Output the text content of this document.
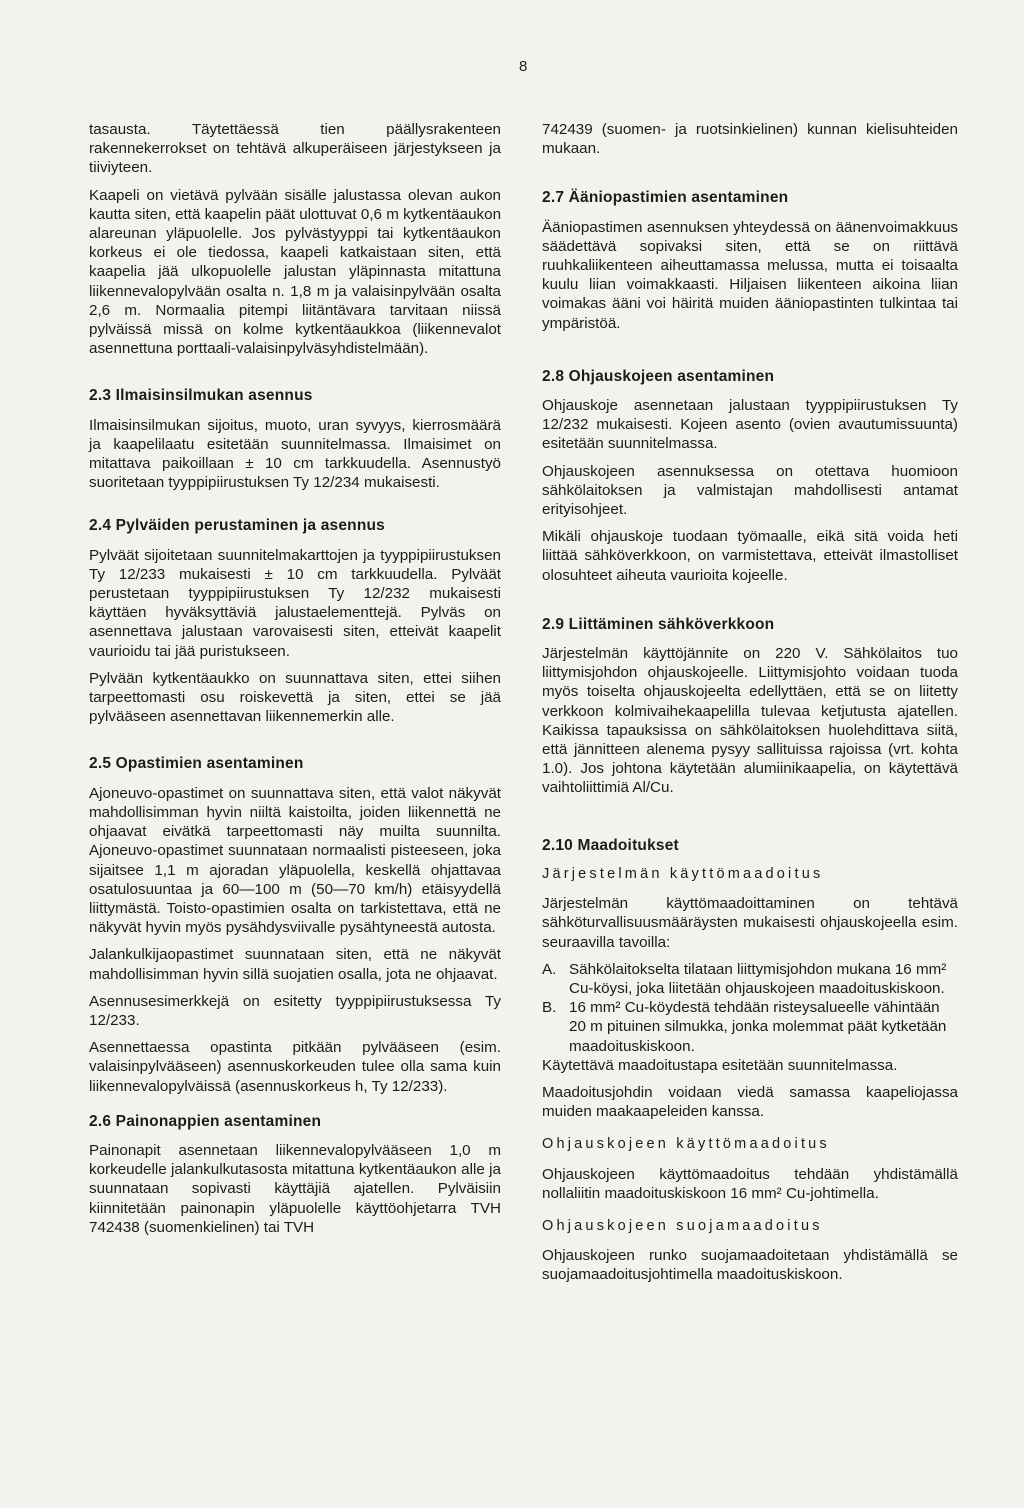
8

tasausta. Täytettäessä tien päällysrakenteen rakennekerrokset on tehtävä alkuperäiseen järjestykseen ja tiiviyteen.

Kaapeli on vietävä pylvään sisälle jalustassa olevan aukon kautta siten, että kaapelin päät ulottuvat 0,6 m kytkentäaukon alareunan yläpuolelle. Jos pylvästyyppi tai kytkentäaukon korkeus ei ole tiedossa, kaapeli katkaistaan siten, että kaapelia jää ulkopuolelle jalustan yläpinnasta mitattuna liikennevalopylvään osalta n. 1,8 m ja valaisinpylvään osalta 2,6 m. Normaalia pitempi liitäntävara tarvitaan niissä pylväissä missä on kolme kytkentäaukkoa (liikennevalot asennettuna porttaali-valaisinpylväsyhdistelmään).

2.3 Ilmaisinsilmukan asennus

Ilmaisinsilmukan sijoitus, muoto, uran syvyys, kierrosmäärä ja kaapelilaatu esitetään suunnitelmassa. Ilmaisimet on mitattava paikoillaan ± 10 cm tarkkuudella. Asennustyö suoritetaan tyyppipiirustuksen Ty 12/234 mukaisesti.

2.4 Pylväiden perustaminen ja asennus

Pylväät sijoitetaan suunnitelmakarttojen ja tyyppipiirustuksen Ty 12/233 mukaisesti ± 10 cm tarkkuudella. Pylväät perustetaan tyyppipiirustuksen Ty 12/232 mukaisesti käyttäen hyväksyttäviä jalustaelementtejä. Pylväs on asennettava jalustaan varovaisesti siten, etteivät kaapelit vaurioidu tai jää puristukseen.

Pylvään kytkentäaukko on suunnattava siten, ettei siihen tarpeettomasti osu roiskevettä ja siten, ettei se jää pylvääseen asennettavan liikennemerkin alle.

2.5 Opastimien asentaminen

Ajoneuvo-opastimet on suunnattava siten, että valot näkyvät mahdollisimman hyvin niiltä kaistoilta, joiden liikennettä ne ohjaavat eivätkä tarpeettomasti näy muilta suunnilta. Ajoneuvo-opastimet suunnataan normaalisti pisteeseen, joka sijaitsee 1,1 m ajoradan yläpuolella, keskellä ohjattavaa osatulosuuntaa ja 60—100 m (50—70 km/h) etäisyydellä liittymästä. Toisto-opastimien osalta on tarkistettava, että ne näkyvät hyvin myös pysähdysviivalle pysähtyneestä autosta.

Jalankulkijaopastimet suunnataan siten, että ne näkyvät mahdollisimman hyvin sillä suojatien osalla, jota ne ohjaavat.

Asennusesimerkkejä on esitetty tyyppipiirustuksessa Ty 12/233.

Asennettaessa opastinta pitkään pylvääseen (esim. valaisinpylvääseen) asennuskorkeuden tulee olla sama kuin liikennevalopylväissä (asennuskorkeus h, Ty 12/233).

2.6 Painonappien asentaminen

Painonapit asennetaan liikennevalopylvääseen 1,0 m korkeudelle jalankulkutasosta mitattuna kytkentäaukon alle ja suunnataan sopivasti käyttäjiä ajatellen. Pylväisiin kiinnitetään painonapin yläpuolelle käyttöohjetarra TVH 742438 (suomenkielinen) tai TVH

742439 (suomen- ja ruotsinkielinen) kunnan kielisuhteiden mukaan.

2.7 Ääniopastimien asentaminen

Ääniopastimen asennuksen yhteydessä on äänenvoimakkuus säädettävä sopivaksi siten, että se on riittävä ruuhkaliikenteen aiheuttamassa melussa, mutta ei toisaalta kuulu liian voimakkaasti. Hiljaisen liikenteen aikoina liian voimakas ääni voi häiritä muiden ääniopastinten tulkintaa tai ympäristöä.

2.8 Ohjauskojeen asentaminen

Ohjauskoje asennetaan jalustaan tyyppipiirustuksen Ty 12/232 mukaisesti. Kojeen asento (ovien avautumissuunta) esitetään suunnitelmassa.

Ohjauskojeen asennuksessa on otettava huomioon sähkölaitoksen ja valmistajan mahdollisesti antamat erityisohjeet.

Mikäli ohjauskoje tuodaan työmaalle, eikä sitä voida heti liittää sähköverkkoon, on varmistettava, etteivät ilmastolliset olosuhteet aiheuta vaurioita kojeelle.

2.9 Liittäminen sähköverkkoon

Järjestelmän käyttöjännite on 220 V. Sähkölaitos tuo liittymisjohdon ohjauskojeelle. Liittymisjohto voidaan tuoda myös toiselta ohjauskojeelta edellyttäen, että se on liitetty verkkoon kolmivaihekaapelilla tulevaa ketjutusta ajatellen. Kaikissa tapauksissa on sähkölaitoksen huolehdittava siitä, että jännitteen alenema pysyy sallituissa rajoissa (vrt. kohta 1.0). Jos johtona käytetään alumiinikaapelia, on käytettävä vaihtoliittimiä Al/Cu.

2.10 Maadoitukset
Järjestelmän käyttömaadoitus

Järjestelmän käyttömaadoittaminen on tehtävä sähköturvallisuusmääräysten mukaisesti ohjauskojeella esim. seuraavilla tavoilla:

A. Sähkölaitokselta tilataan liittymisjohdon mukana 16 mm² Cu-köysi, joka liitetään ohjauskojeen maadoituskiskoon.
B. 16 mm² Cu-köydestä tehdään risteysalueelle vähintään 20 m pituinen silmukka, jonka molemmat päät kytketään maadoituskiskoon.

Käytettävä maadoitustapa esitetään suunnitelmassa.

Maadoitusjohdin voidaan viedä samassa kaapeliojassa muiden maakaapeleiden kanssa.

Ohjauskojeen käyttömaadoitus

Ohjauskojeen käyttömaadoitus tehdään yhdistämällä nollaliitin maadoituskiskoon 16 mm² Cu-johtimella.

Ohjauskojeen suojamaadoitus

Ohjauskojeen runko suojamaadoitetaan yhdistämällä se suojamaadoitusjohtimella maadoituskiskoon.
